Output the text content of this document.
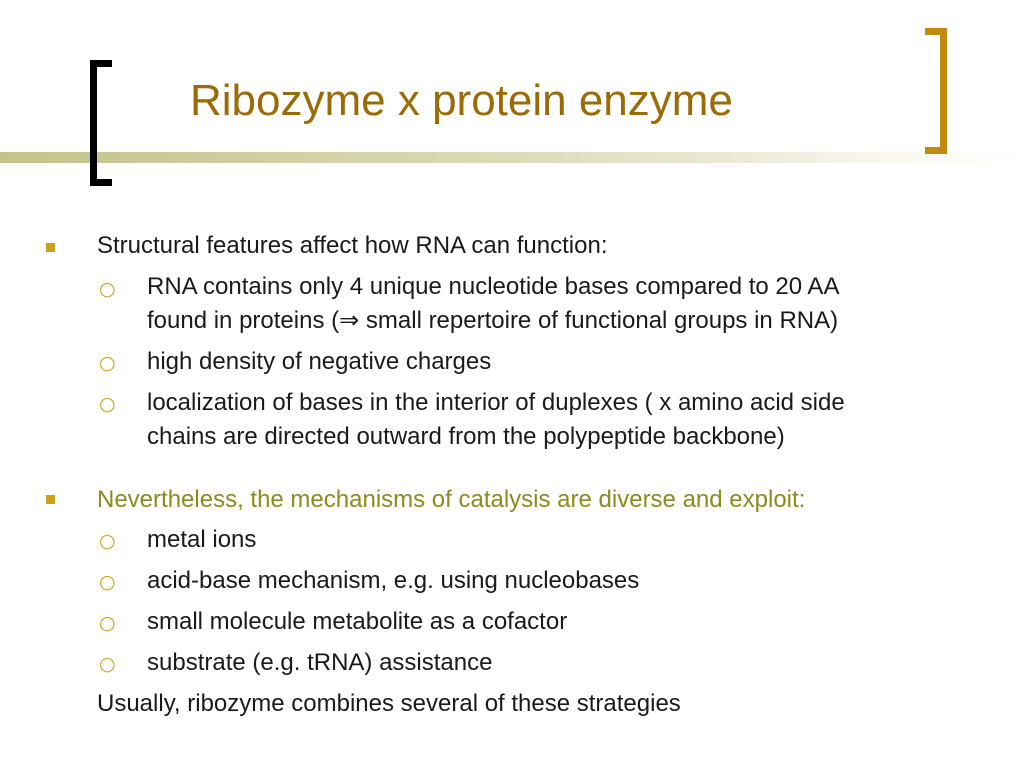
Ribozyme x protein enzyme
Structural features affect how RNA can function:
○ RNA contains only 4 unique nucleotide bases compared to 20 AA
found in proteins (⇒ small repertoire of functional groups in RNA)
○ high density of negative charges
○ localization of bases in the interior of duplexes ( x amino acid side
chains are directed outward from the polypeptide backbone)
Nevertheless, the mechanisms of catalysis are diverse and exploit:
○ metal ions
○ acid-base mechanism, e.g. using nucleobases
○ small molecule metabolite as a cofactor
○ substrate (e.g. tRNA) assistance
Usually, ribozyme combines several of these strategies
